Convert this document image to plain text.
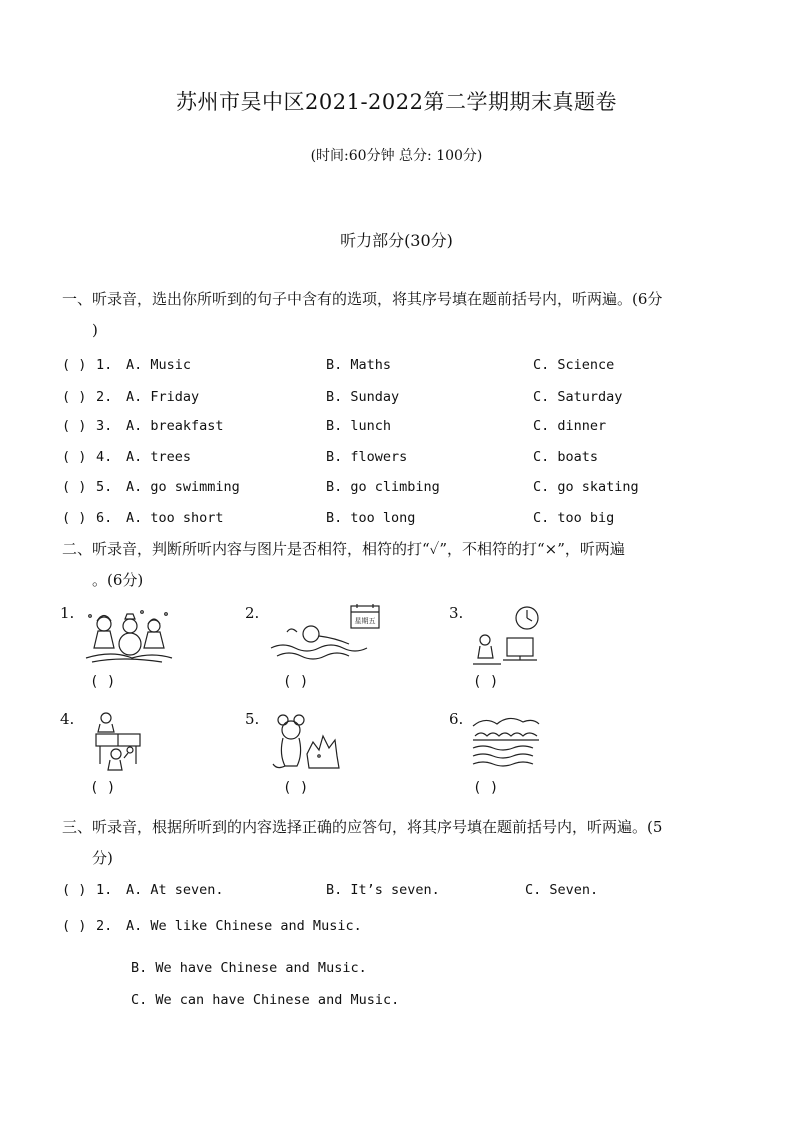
苏州市吴中区2021-2022第二学期期末真题卷
(时间:60分钟 总分: 100分)
听力部分(30分)
一、听录音，选出你所听到的句子中含有的选项，将其序号填在题前括号内，听两遍。(6分
)
( ) 1. A. Music	B. Maths	C. Science
( ) 2. A. Friday	B. Sunday	C. Saturday
( ) 3. A. breakfast	B. lunch	C. dinner
( ) 4. A. trees	B. flowers	C. boats
( ) 5. A. go swimming	B. go climbing	C. go skating
( ) 6. A. too short	B. too long	C. too big
二、听录音，判断所听内容与图片是否相符，相符的打“✓”，不相符的打“×”，听两遍
。(6分)
1.
( )
2.	星期五
( )
3.
( )
4.
( )
5.
( )
6.
( )
三、听录音，根据所听到的内容选择正确的应答句，将其序号填在题前括号内，听两遍。(5
分)
( ) 1. A. At seven.	B. It’s seven.	C. Seven.
( ) 2. A. We like Chinese and Music.
B. We have Chinese and Music.
C. We can have Chinese and Music.
